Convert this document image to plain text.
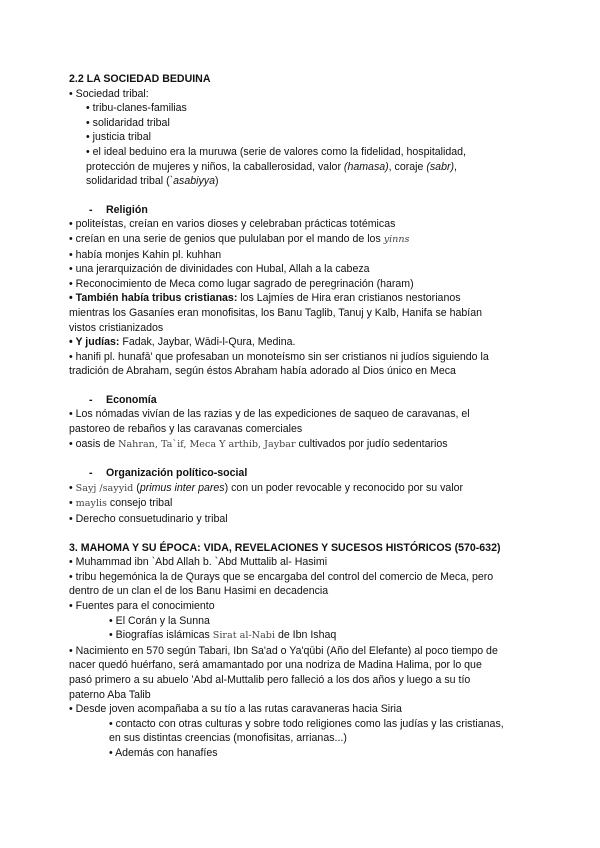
2.2 LA SOCIEDAD BEDUINA
• Sociedad tribal:
• tribu-clanes-familias
• solidaridad tribal
• justicia tribal
• el ideal beduino era la muruwa (serie de valores como la fidelidad, hospitalidad,
protección de mujeres y niños, la caballerosidad, valor (hamasa), coraje (sabr),
solidaridad tribal (`asabiyya)
- Religión
• politeístas, creían en varios dioses y celebraban prácticas totémicas
• creían en una serie de genios que pululaban por el mando de los yinns
• había monjes Kahin pl. kuhhan
• una jerarquización de divinidades con Hubal, Allah a la cabeza
• Reconocimiento de Meca como lugar sagrado de peregrinación (haram)
• También había tribus cristianas: los Lajmíes de Hira eran cristianos nestorianos
mientras los Gasaníes eran monofisitas, los Banu Taglib, Tanuj y Kalb, Hanifa se habían
vistos cristianizados
• Y judías: Fadak, Jaybar, Wādi-l-Qura, Medina.
• hanifi pl. hunafā' que profesaban un monoteísmo sin ser cristianos ni judíos siguiendo la
tradición de Abraham, según éstos Abraham había adorado al Dios único en Meca
- Economía
• Los nómadas vivían de las razias y de las expediciones de saqueo de caravanas, el
pastoreo de rebaños y las caravanas comerciales
• oasis de Nahran, Ta`if, Meca Y arthib, Jaybar cultivados por judío sedentarios
- Organización político-social
• Sayj /sayyid (primus inter pares) con un poder revocable y reconocido por su valor
• maylis consejo tribal
• Derecho consuetudinario y tribal
3. MAHOMA Y SU ÉPOCA: VIDA, REVELACIONES Y SUCESOS HISTÓRICOS (570-632)
• Muhammad ibn `Abd Allah b. `Abd Muttalib al- Hasimi
• tribu hegemónica la de Qurays que se encargaba del control del comercio de Meca, pero
dentro de un clan el de los Banu Hasimi en decadencia
• Fuentes para el conocimiento
• El Corán y la Sunna
• Biografías islámicas Sirat al-Nabi de Ibn Ishaq
• Nacimiento en 570 según Tabari, Ibn Sa'ad o Ya'qūbi (Año del Elefante) al poco tiempo de
nacer quedó huérfano, será amamantado por una nodriza de Madina Halima, por lo que
pasó primero a su abuelo 'Abd al-Muttalib pero falleció a los dos años y luego a su tío
paterno Aba Talib
• Desde joven acompañaba a su tío a las rutas caravaneras hacia Siria
• contacto con otras culturas y sobre todo religiones como las judías y las cristianas,
en sus distintas creencias (monofisitas, arrianas...)
• Además con hanafíes
